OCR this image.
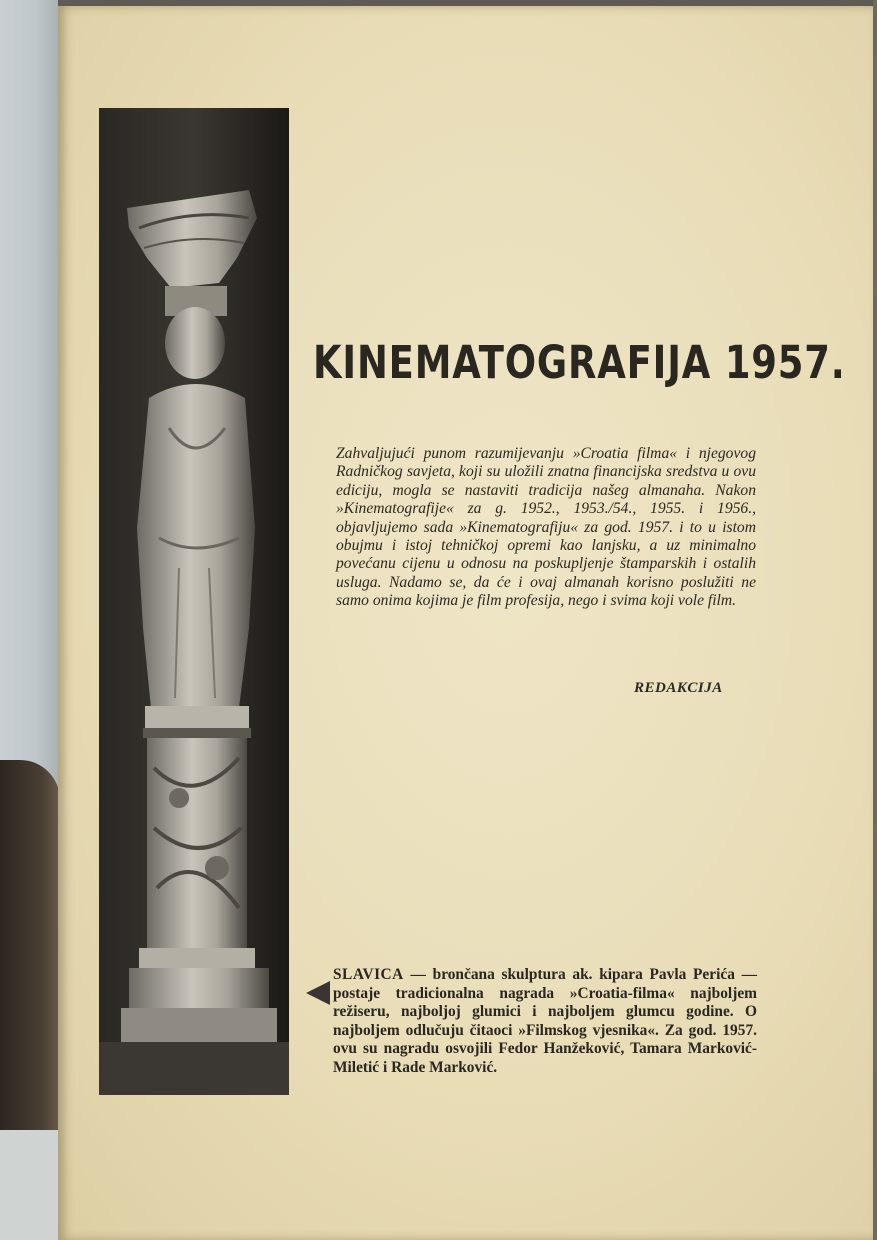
KINEMATOGRAFIJA 1957.

Zahvaljujući punom razumijevanju »Croatia filma« i njegovog Radničkog savjeta, koji su uložili znatna financijska sredstva u ovu ediciju, mogla se nastaviti tradicija našeg almanaha. Nakon »Kinematografije« za g. 1952., 1953./54., 1955. i 1956., objavljujemo sada »Kinematografiju« za god. 1957. i to u istom obujmu i istoj tehničkoj opremi kao lanjsku, a uz minimalno povećanu cijenu u odnosu na poskupljenje štamparskih i ostalih usluga. Nadamo se, da će i ovaj almanah korisno poslužiti ne samo onima kojima je film profesija, nego i svima koji vole film.

REDAKCIJA

SLAVICA — brončana skulptura ak. kipara Pavla Perića — postaje tradicionalna nagrada »Croatia-filma« najboljem režiseru, najboljoj glumici i najboljem glumcu godine. O najboljem odlučuju čitaoci »Filmskog vjesnika«. Za god. 1957. ovu su nagradu osvojili Fedor Hanžeković, Tamara Marković-Miletić i Rade Marković.
